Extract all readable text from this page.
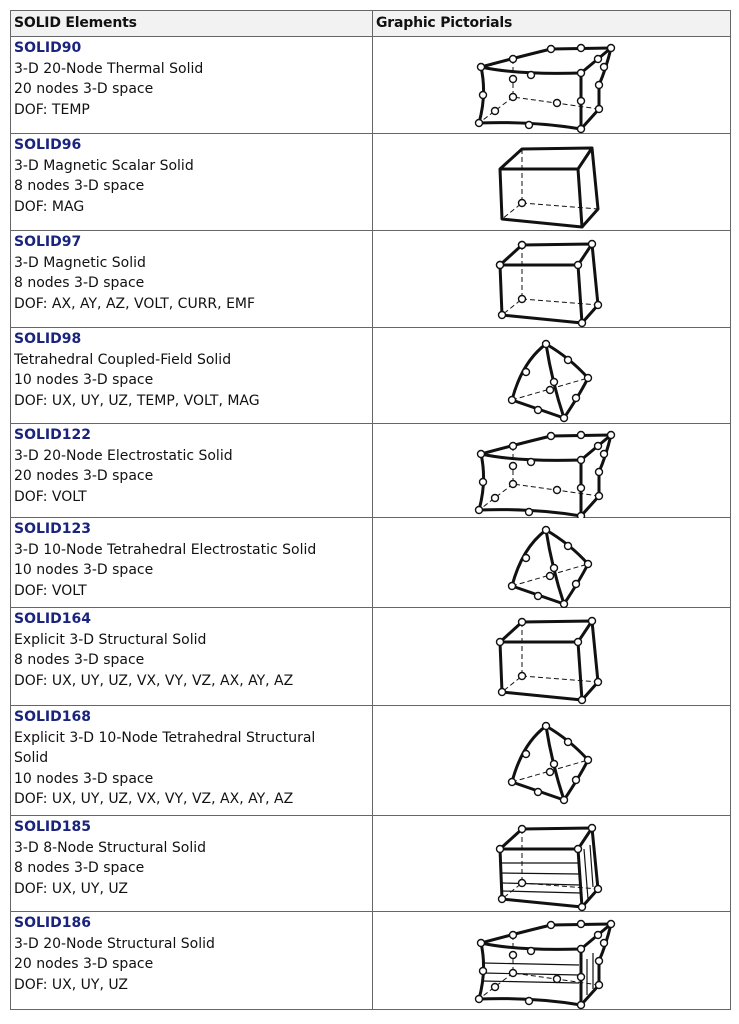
SOLID Elements	Graphic Pictorials
SOLID90
3-D 20-Node Thermal Solid
20 nodes 3-D space
DOF: TEMP
SOLID96
3-D Magnetic Scalar Solid
8 nodes 3-D space
DOF: MAG
SOLID97
3-D Magnetic Solid
8 nodes 3-D space
DOF: AX, AY, AZ, VOLT, CURR, EMF
SOLID98
Tetrahedral Coupled-Field Solid
10 nodes 3-D space
DOF: UX, UY, UZ, TEMP, VOLT, MAG
SOLID122
3-D 20-Node Electrostatic Solid
20 nodes 3-D space
DOF: VOLT
SOLID123
3-D 10-Node Tetrahedral Electrostatic Solid
10 nodes 3-D space
DOF: VOLT
SOLID164
Explicit 3-D Structural Solid
8 nodes 3-D space
DOF: UX, UY, UZ, VX, VY, VZ, AX, AY, AZ
SOLID168
Explicit 3-D 10-Node Tetrahedral Structural
Solid
10 nodes 3-D space
DOF: UX, UY, UZ, VX, VY, VZ, AX, AY, AZ
SOLID185
3-D 8-Node Structural Solid
8 nodes 3-D space
DOF: UX, UY, UZ
SOLID186
3-D 20-Node Structural Solid
20 nodes 3-D space
DOF: UX, UY, UZ
